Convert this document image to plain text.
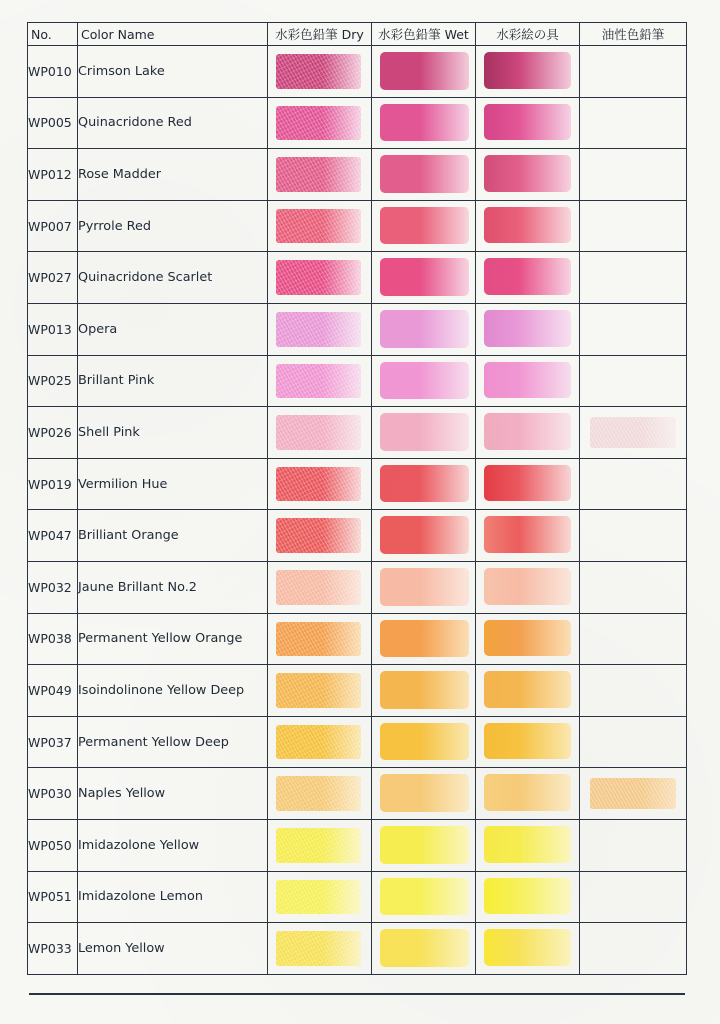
No.	Color Name	水彩色鉛筆 Dry	水彩色鉛筆 Wet	水彩絵の具	油性色鉛筆
WP010	Crimson Lake	

WP005	Quinacridone Red	

WP012	Rose Madder	

WP007	Pyrrole Red	

WP027	Quinacridone Scarlet	

WP013	Opera	

WP025	Brillant Pink	

WP026	Shell Pink	

WP019	Vermilion Hue	

WP047	Brilliant Orange	

WP032	Jaune Brillant No.2	

WP038	Permanent Yellow Orange	

WP049	Isoindolinone Yellow Deep	

WP037	Permanent Yellow Deep	

WP030	Naples Yellow	

WP050	Imidazolone Yellow	

WP051	Imidazolone Lemon	

WP033	Lemon Yellow	
